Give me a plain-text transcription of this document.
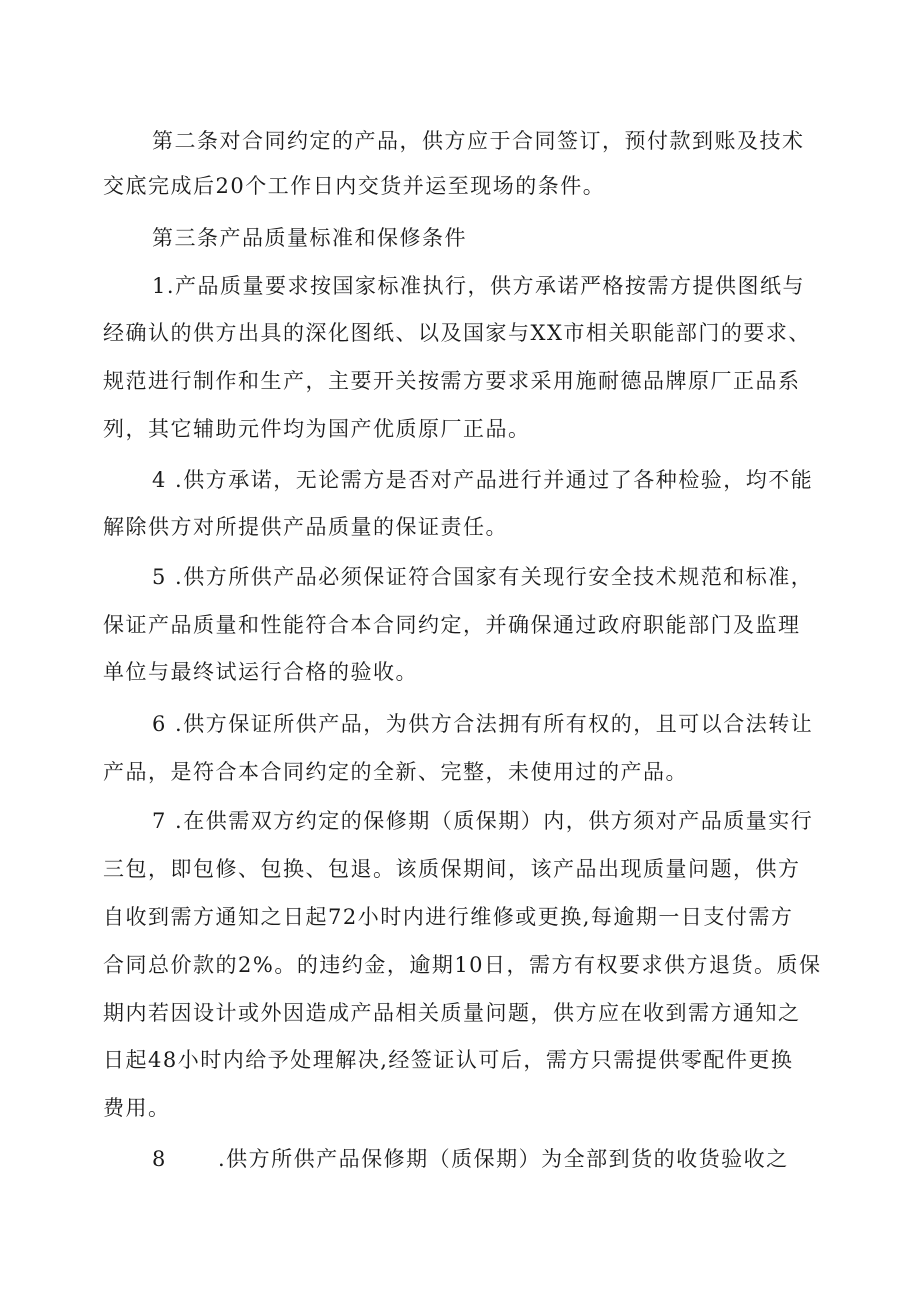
第二条对合同约定的产品，供方应于合同签订，预付款到账及技术
交底完成后20个工作日内交货并运至现场的条件。
第三条产品质量标准和保修条件
1.产品质量要求按国家标准执行，供方承诺严格按需方提供图纸与
经确认的供方出具的深化图纸、以及国家与XX市相关职能部门的要求、
规范进行制作和生产，主要开关按需方要求采用施耐德品牌原厂正品系
列，其它辅助元件均为国产优质原厂正品。
4 .供方承诺，无论需方是否对产品进行并通过了各种检验，均不能
解除供方对所提供产品质量的保证责任。
5 .供方所供产品必须保证符合国家有关现行安全技术规范和标准，
保证产品质量和性能符合本合同约定，并确保通过政府职能部门及监理
单位与最终试运行合格的验收。
6 .供方保证所供产品，为供方合法拥有所有权的，且可以合法转让
产品，是符合本合同约定的全新、完整，未使用过的产品。
7 .在供需双方约定的保修期（质保期）内，供方须对产品质量实行
三包，即包修、包换、包退。该质保期间，该产品出现质量问题，供方
自收到需方通知之日起72小时内进行维修或更换,每逾期一日支付需方
合同总价款的2%。的违约金，逾期10日，需方有权要求供方退货。质保
期内若因设计或外因造成产品相关质量问题，供方应在收到需方通知之
日起48小时内给予处理解决,经签证认可后，需方只需提供零配件更换
费用。
8 .供方所供产品保修期（质保期）为全部到货的收货验收之
